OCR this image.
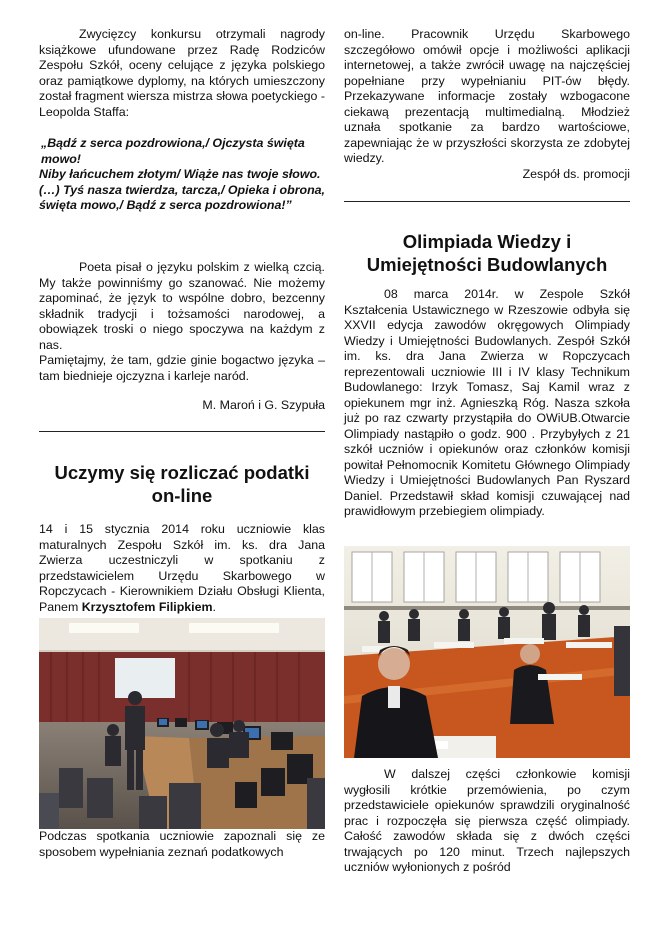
Zwycięzcy konkursu otrzymali nagrody książkowe ufundowane przez Radę Rodziców Zespołu Szkół, oceny celujące z języka polskiego oraz pamiątkowe dyplomy, na których umieszczony został fragment wiersza mistrza słowa poetyckiego - Leopolda Staffa:

„Bądź z serca pozdrowiona,/ Ojczysta święta mowo!

Niby łańcuchem złotym/ Wiąże nas twoje słowo.

(…) Tyś nasza twierdza, tarcza,/ Opieka i obrona,

święta mowo,/ Bądź z serca pozdrowiona!”

Poeta pisał o języku polskim z wielką czcią. My także powinniśmy go szanować. Nie możemy zapominać, że język to wspólne dobro, bezcenny składnik tradycji i tożsamości narodowej, a obowiązek troski o niego spoczywa na każdym z nas.

Pamiętajmy, że tam, gdzie ginie bogactwo języka – tam biednieje ojczyzna i karleje naród.

M. Maroń i G. Szypuła

Uczymy się rozliczać podatki on-line

14 i 15 stycznia 2014 roku uczniowie klas maturalnych Zespołu Szkół im. ks. dra Jana Zwierza uczestniczyli w spotkaniu z przedstawicielem Urzędu Skarbowego w Ropczycach - Kierownikiem Działu Obsługi Klienta, Panem Krzysztofem Filipkiem.

Podczas spotkania uczniowie zapoznali się ze sposobem wypełniania zeznań podatkowych

on-line. Pracownik Urzędu Skarbowego szczegółowo omówił opcje i możliwości aplikacji internetowej, a także zwrócił uwagę na najczęściej popełniane przy wypełnianiu PIT-ów błędy. Przekazywane informacje zostały wzbogacone ciekawą prezentacją multimedialną. Młodzież uznała spotkanie za bardzo wartościowe, zapewniając że w przyszłości skorzysta ze zdobytej wiedzy.

Zespół ds. promocji

Olimpiada Wiedzy i Umiejętności Budowlanych

08 marca 2014r. w Zespole Szkół Kształcenia Ustawicznego w Rzeszowie odbyła się XXVII edycja zawodów okręgowych Olimpiady Wiedzy i Umiejętności Budowlanych. Zespół Szkół im. ks. dra Jana Zwierza w Ropczycach reprezentowali uczniowie III i IV klasy Technikum Budowlanego: Irzyk Tomasz, Saj Kamil wraz z opiekunem mgr inż. Agnieszką Róg. Nasza szkoła już po raz czwarty przystąpiła do OWiUB.Otwarcie Olimpiady nastąpiło o godz. 900 . Przybyłych z 21 szkół uczniów i opiekunów oraz członków komisji powitał Pełnomocnik Komitetu Głównego Olimpiady Wiedzy i Umiejętności Budowlanych Pan Ryszard Daniel. Przedstawił skład komisji czuwającej nad prawidłowym przebiegiem olimpiady.

W dalszej części członkowie komisji wygłosili krótkie przemówienia, po czym przedstawiciele opiekunów sprawdzili oryginalność prac i rozpoczęła się pierwsza część olimpiady. Całość zawodów składa się z dwóch części trwających po 120 minut. Trzech najlepszych uczniów wyłonionych z pośród
